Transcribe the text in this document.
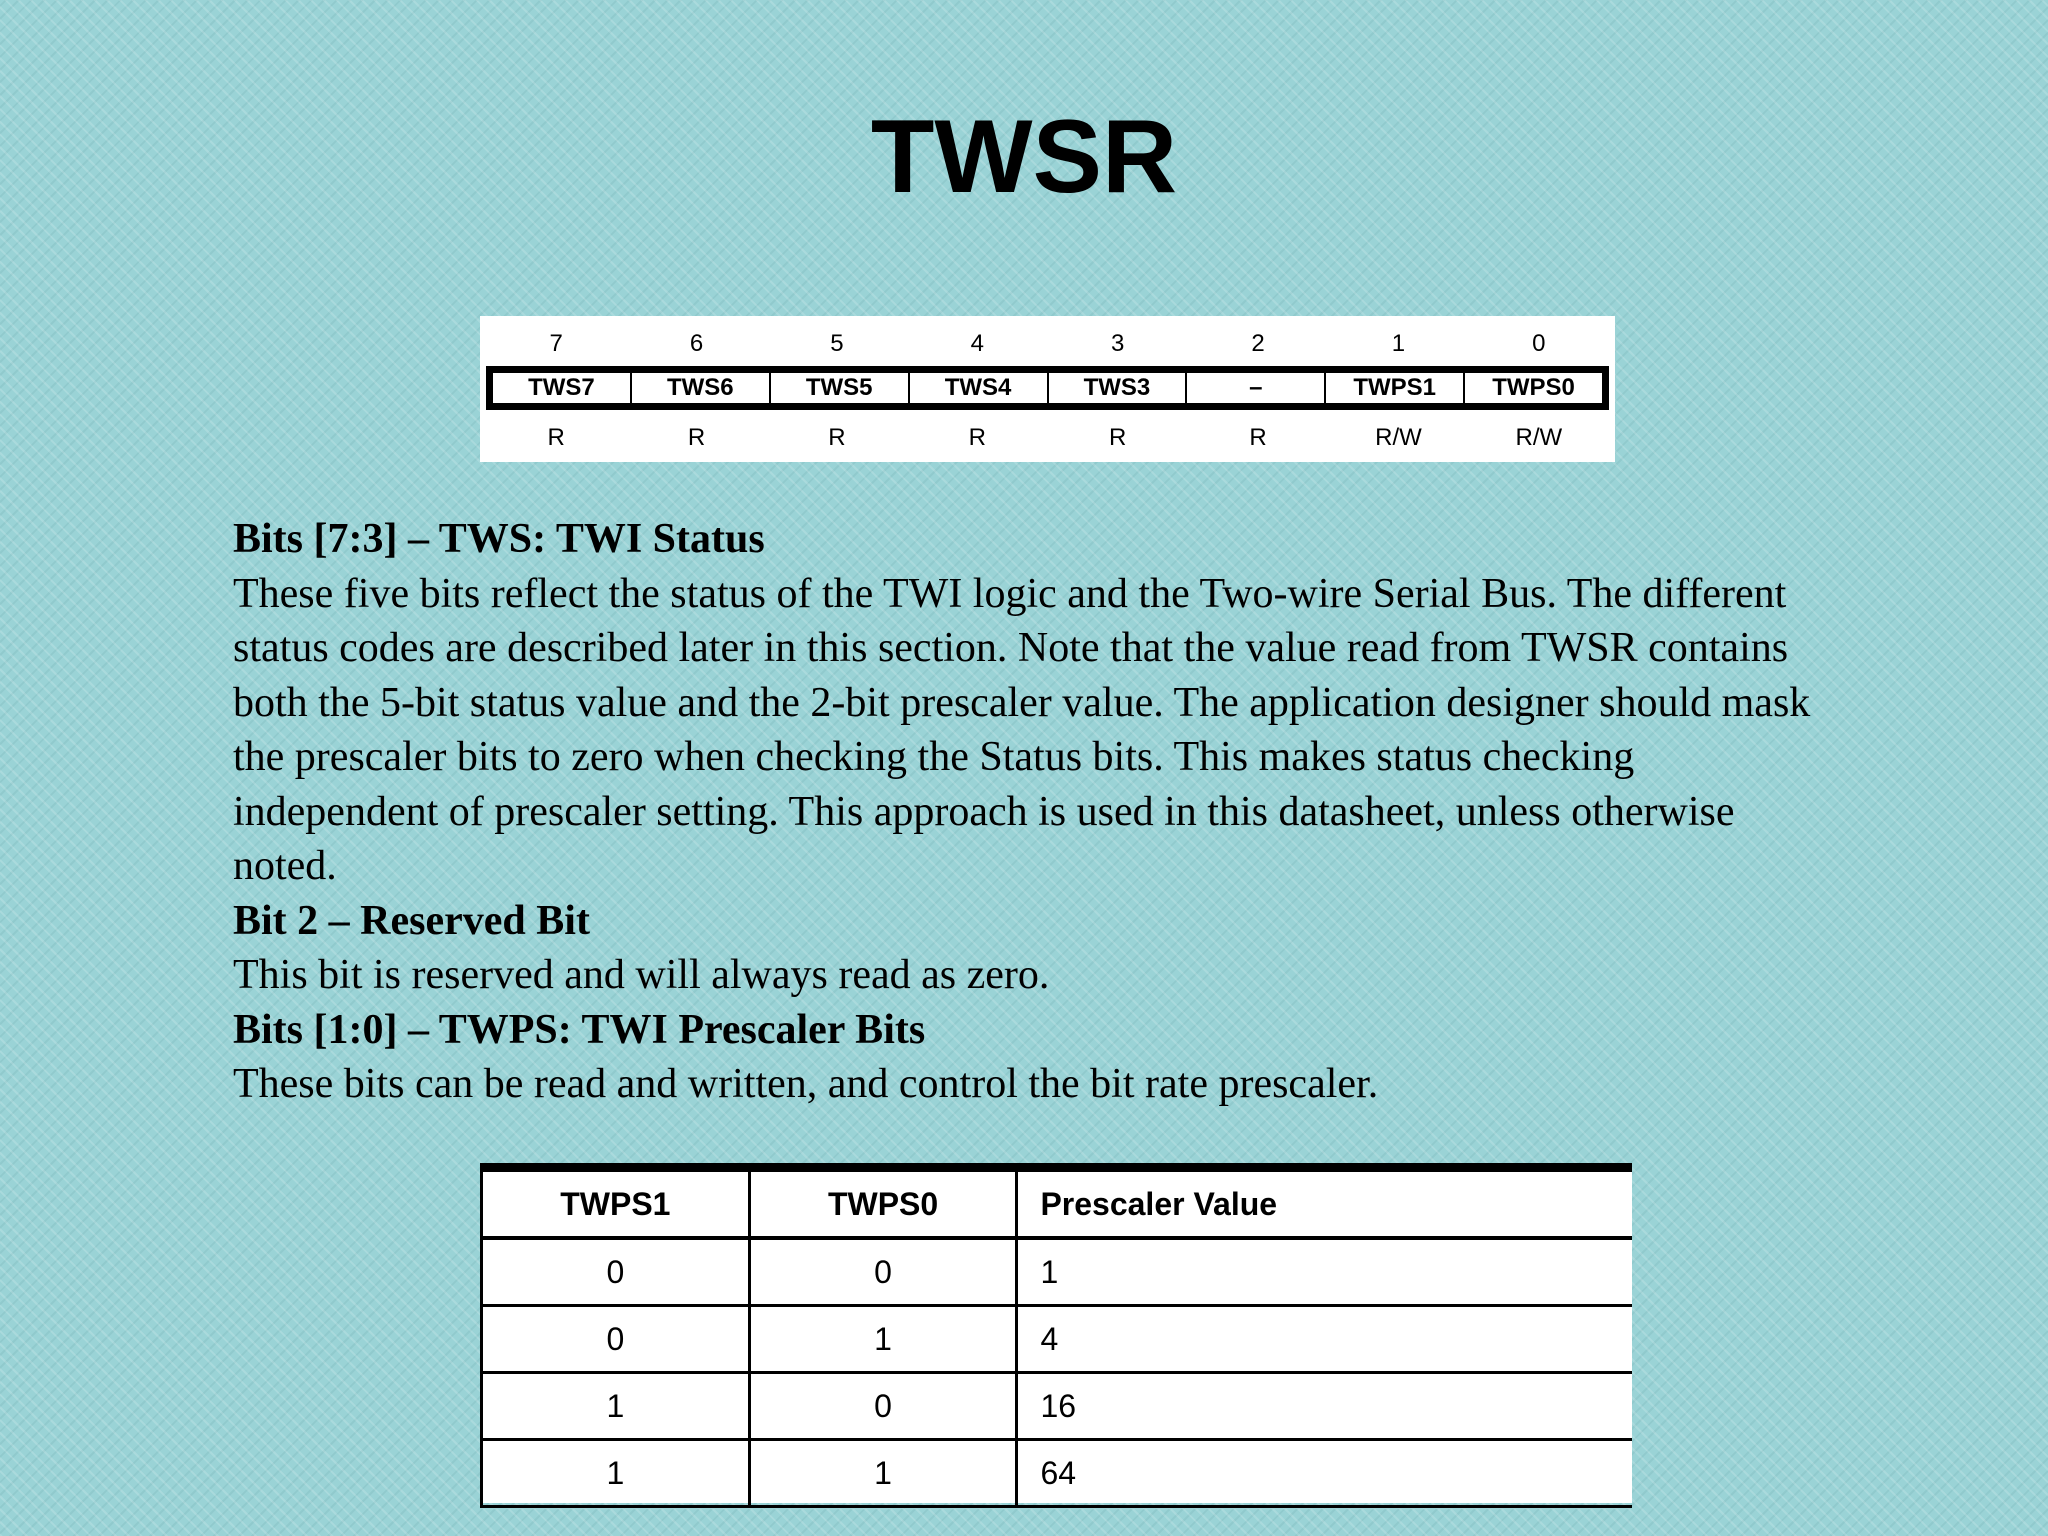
TWSR
7	6	5	4	3	2	1	0
TWS7	TWS6	TWS5	TWS4	TWS3	–	TWPS1	TWPS0
R	R	R	R	R	R	R/W	R/W

Bits [7:3] – TWS: TWI Status

These five bits reflect the status of the TWI logic and the Two-wire Serial Bus. The different status codes are described later in this section. Note that the value read from TWSR contains both the 5-bit status value and the 2-bit prescaler value. The application designer should mask the prescaler bits to zero when checking the Status bits. This makes status checking independent of prescaler setting. This approach is used in this datasheet, unless otherwise noted.

Bit 2 – Reserved Bit

This bit is reserved and will always read as zero.

Bits [1:0] – TWPS: TWI Prescaler Bits

These bits can be read and written, and control the bit rate prescaler.

TWPS1	TWPS0	Prescaler Value
0	0	1
0	1	4
1	0	16
1	1	64
